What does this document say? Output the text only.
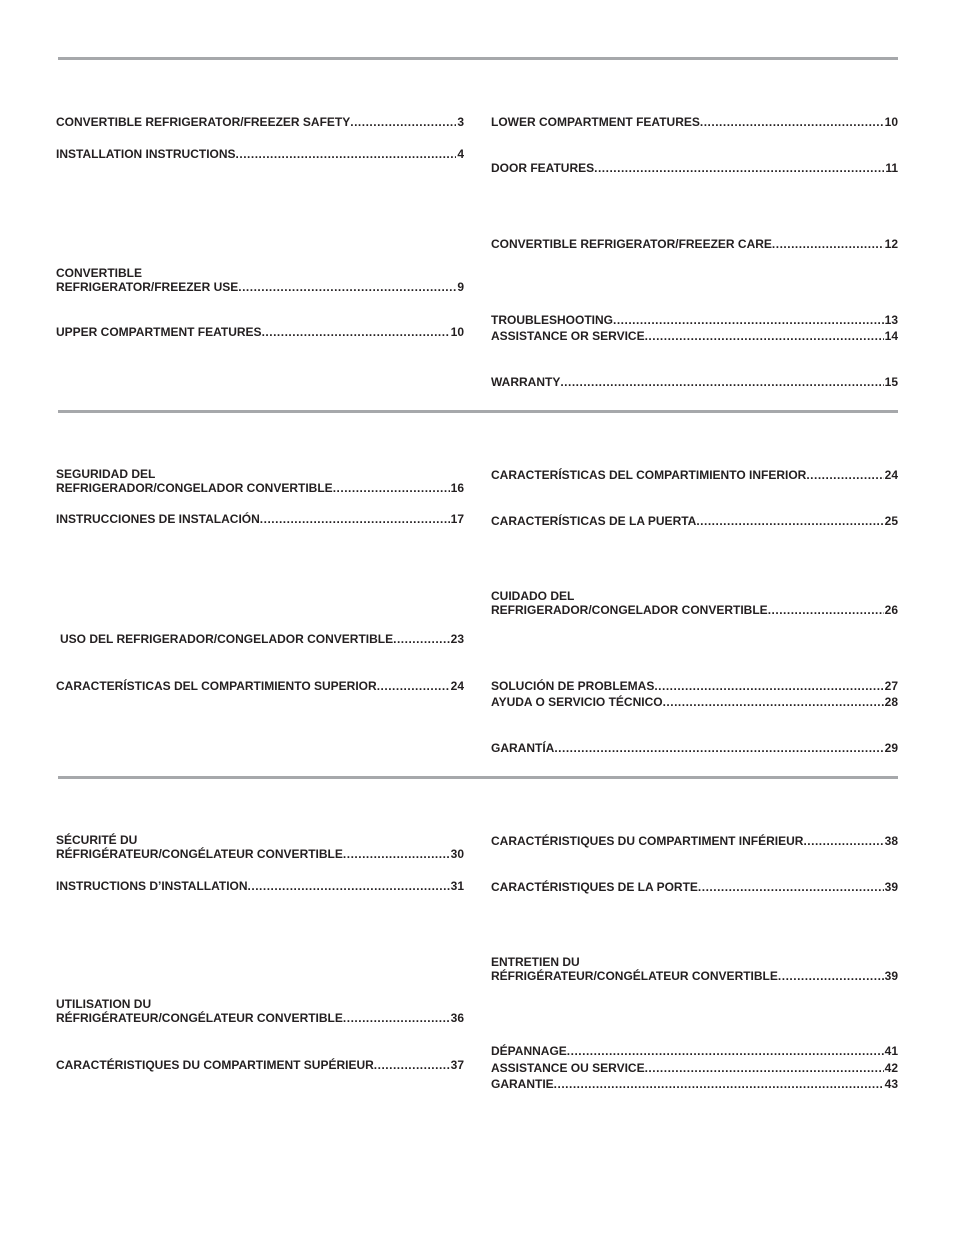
CONVERTIBLE REFRIGERATOR/FREEZER SAFETY .....	3
INSTALLATION INSTRUCTIONS .....	4
CONVERTIBLE
REFRIGERATOR/FREEZER USE .....	9
UPPER COMPARTMENT FEATURES .....	10
LOWER COMPARTMENT FEATURES .....	10
DOOR FEATURES .....	11
CONVERTIBLE REFRIGERATOR/FREEZER CARE .....	12
TROUBLESHOOTING .....	13
ASSISTANCE OR SERVICE .....	14
WARRANTY .....	15
SEGURIDAD DEL
REFRIGERADOR/CONGELADOR CONVERTIBLE .....	16
INSTRUCCIONES DE INSTALACIÓN .....	17
USO DEL REFRIGERADOR/CONGELADOR CONVERTIBLE .....	23
CARACTERÍSTICAS DEL COMPARTIMIENTO SUPERIOR .....	24
CARACTERÍSTICAS DEL COMPARTIMIENTO INFERIOR .....	24
CARACTERÍSTICAS DE LA PUERTA .....	25
CUIDADO DEL
REFRIGERADOR/CONGELADOR CONVERTIBLE .....	26
SOLUCIÓN DE PROBLEMAS .....	27
AYUDA O SERVICIO TÉCNICO .....	28
GARANTÍA .....	29
SÉCURITÉ DU
RÉFRIGÉRATEUR/CONGÉLATEUR CONVERTIBLE .....	30
INSTRUCTIONS D’INSTALLATION .....	31
UTILISATION DU
RÉFRIGÉRATEUR/CONGÉLATEUR CONVERTIBLE .....	36
CARACTÉRISTIQUES DU COMPARTIMENT SUPÉRIEUR .....	37
CARACTÉRISTIQUES DU COMPARTIMENT INFÉRIEUR .....	38
CARACTÉRISTIQUES DE LA PORTE .....	39
ENTRETIEN DU
RÉFRIGÉRATEUR/CONGÉLATEUR CONVERTIBLE .....	39
DÉPANNAGE .....	41
ASSISTANCE OU SERVICE .....	42
GARANTIE .....	43
